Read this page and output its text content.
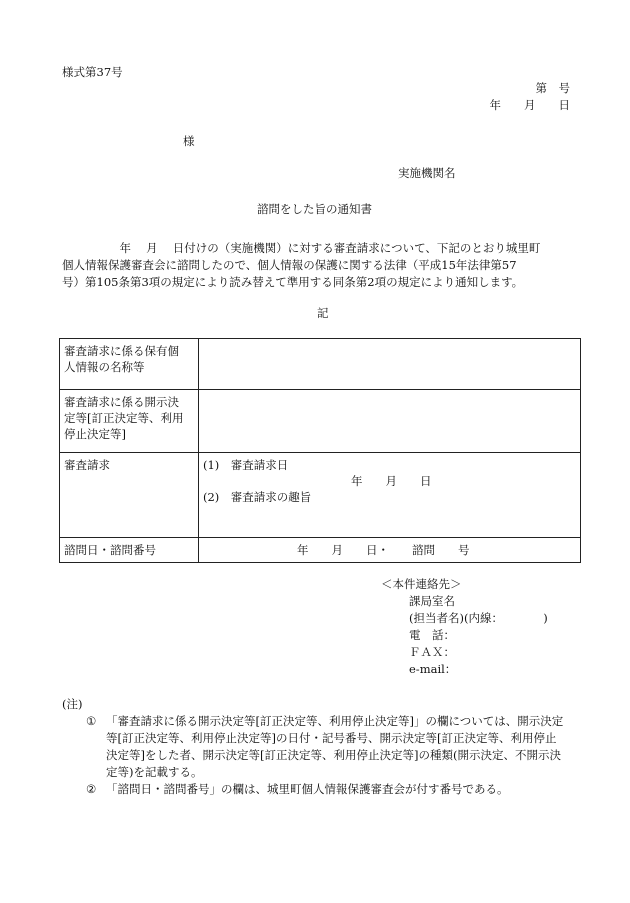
様式第37号
第　号
年　　月　　日
様
実施機関名
諮問をした旨の通知書
　　　　　年　 月　 日付けの（実施機関）に対する審査請求について、下記のとおり城里町
個人情報保護審査会に諮問したので、個人情報の保護に関する法律（平成15年法律第57
号）第105条第3項の規定により読み替えて準用する同条第2項の規定により通知します。
記
審査請求に係る保有個
人情報の名称等	

審査請求に係る開示決
定等[訂正決定等、利用
停止決定等]	

審査請求	(1)　審査請求日
年　　月　　日
(2)　審査請求の趣旨

諮問日・諮問番号	年　　月　　日・　　諮問　　号
＜本件連絡先＞
課局室名
(担当者名)(内線：　　　　)
電　話：
ＦＡＸ：
e-mail：
(注)
① 「審査請求に係る開示決定等[訂正決定等、利用停止決定等]」の欄については、開示決定
等[訂正決定等、利用停止決定等]の日付・記号番号、開示決定等[訂正決定等、利用停止
決定等]をした者、開示決定等[訂正決定等、利用停止決定等]の種類(開示決定、不開示決
定等)を記載する。
② 「諮問日・諮問番号」の欄は、城里町個人情報保護審査会が付す番号である。
